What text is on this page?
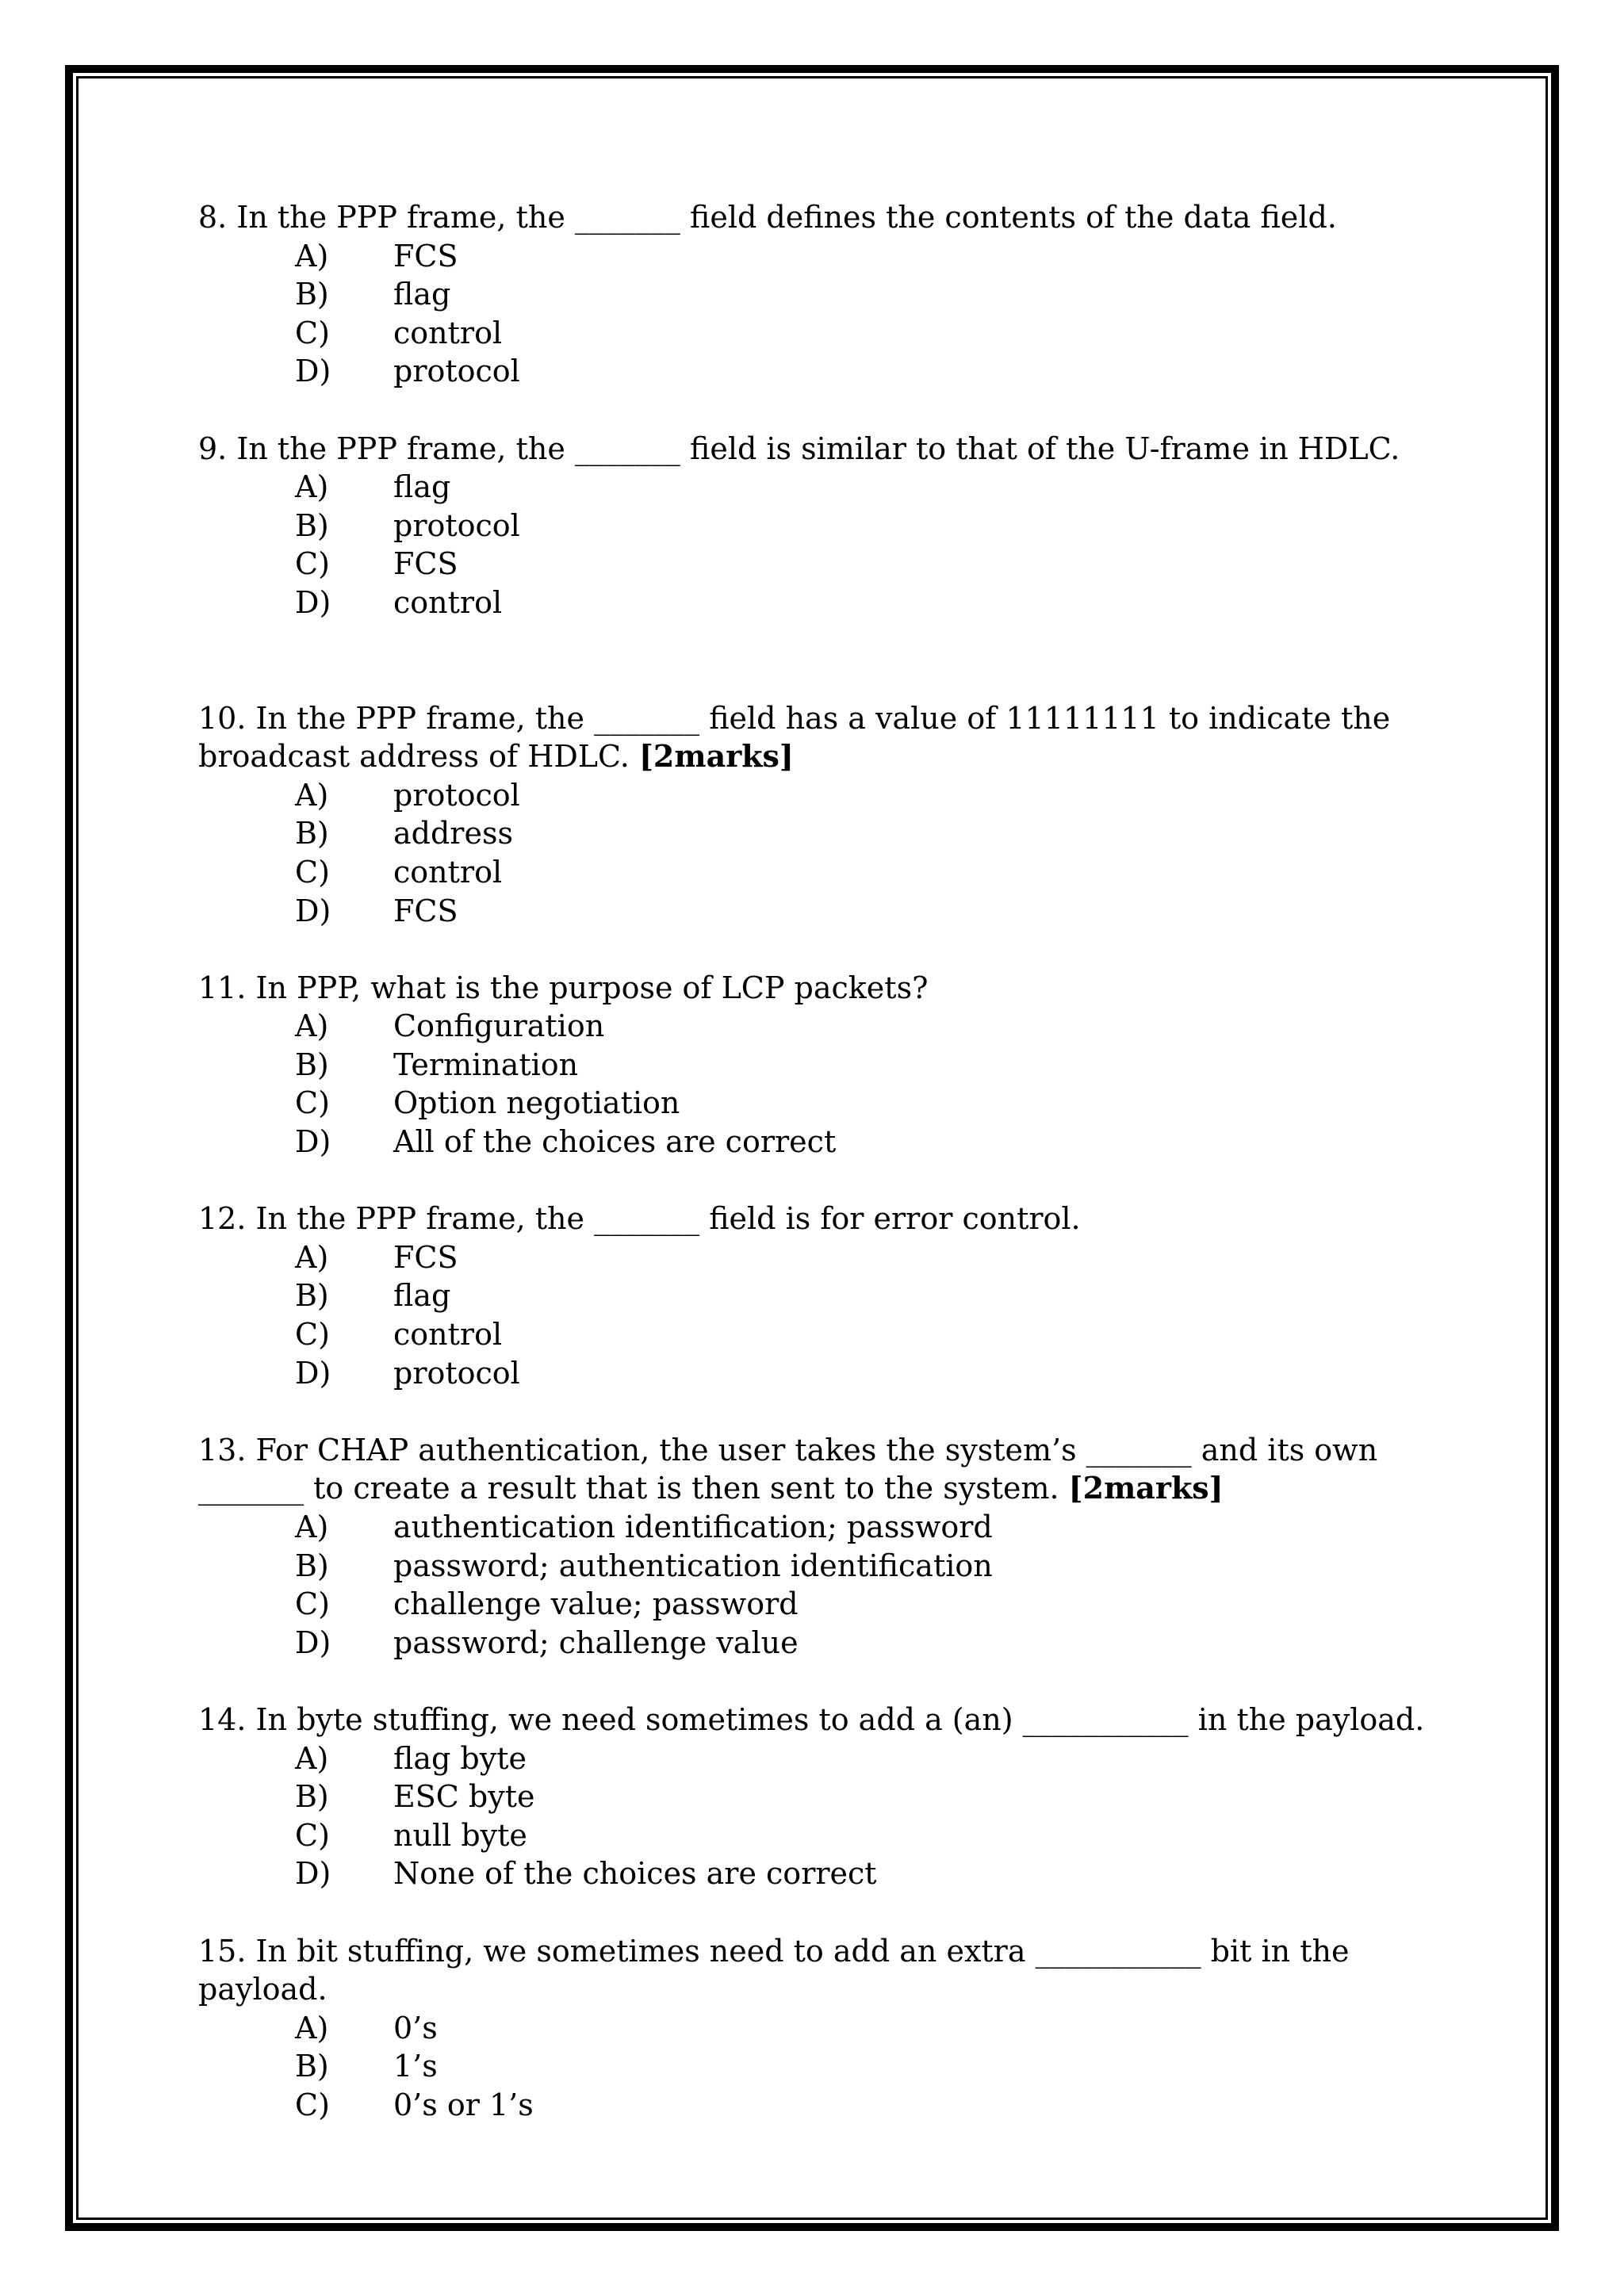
8. In the PPP frame, the _______ field defines the contents of the data field.

A) FCS
B) flag
C) control
D) protocol

9. In the PPP frame, the _______ field is similar to that of the U-frame in HDLC.

A) flag
B) protocol
C) FCS
D) control

10. In the PPP frame, the _______ field has a value of 11111111 to indicate the broadcast address of HDLC. [2marks]

A) protocol
B) address
C) control
D) FCS

11. In PPP, what is the purpose of LCP packets?

A) Configuration
B) Termination
C) Option negotiation
D) All of the choices are correct

12. In the PPP frame, the _______ field is for error control.

A) FCS
B) flag
C) control
D) protocol

13. For CHAP authentication, the user takes the system’s _______ and its own _______ to create a result that is then sent to the system. [2marks]

A) authentication identification; password
B) password; authentication identification
C) challenge value; password
D) password; challenge value

14. In byte stuffing, we need sometimes to add a (an) ___________ in the payload.

A) flag byte
B) ESC byte
C) null byte
D) None of the choices are correct

15. In bit stuffing, we sometimes need to add an extra ___________ bit in the payload.

A) 0’s
B) 1’s
C) 0’s or 1’s
